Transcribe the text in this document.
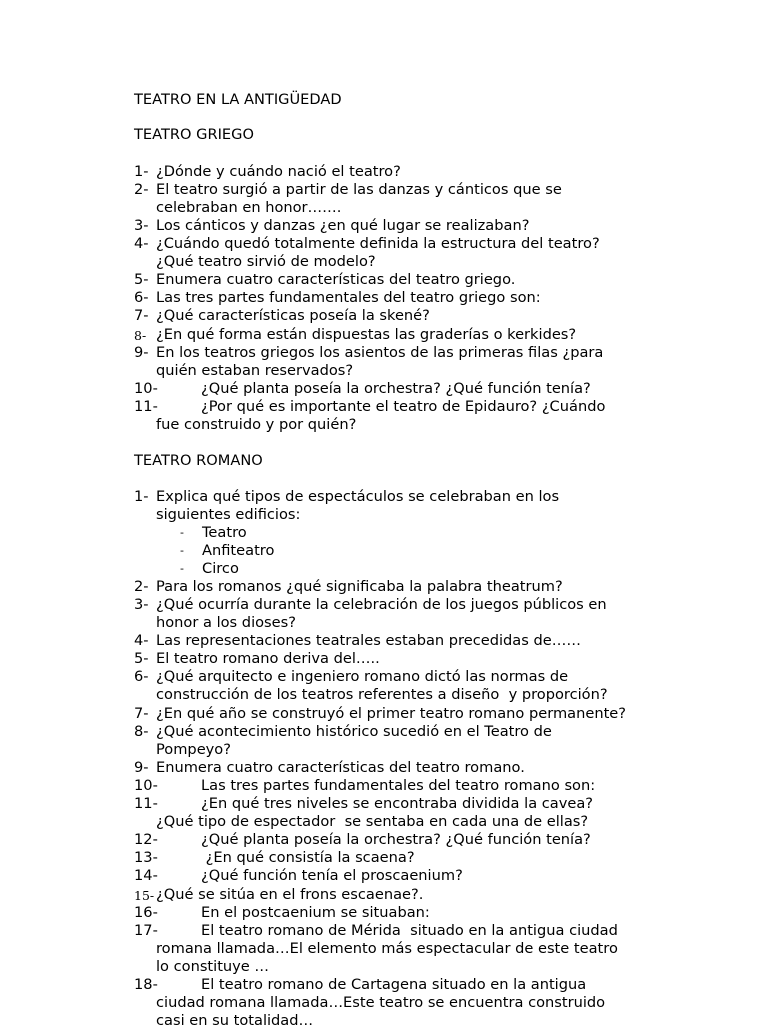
TEATRO EN LA ANTIGÜEDAD
TEATRO GRIEGO
1- ¿Dónde y cuándo nació el teatro?
2- El teatro surgió a partir de las danzas y cánticos que se
celebraban en honor…….
3- Los cánticos y danzas ¿en qué lugar se realizaban?
4- ¿Cuándo quedó totalmente definida la estructura del teatro?
¿Qué teatro sirvió de modelo?
5- Enumera cuatro características del teatro griego.
6- Las tres partes fundamentales del teatro griego son:
7- ¿Qué características poseía la skené?
8- ¿En qué forma están dispuestas las graderías o kerkides?
9- En los teatros griegos los asientos de las primeras filas ¿para
quién estaban reservados?
10-	¿Qué planta poseía la orchestra? ¿Qué función tenía?
11-	¿Por qué es importante el teatro de Epidauro? ¿Cuándo
fue construido y por quién?
TEATRO ROMANO
1- Explica qué tipos de espectáculos se celebraban en los
siguientes edificios:
- Teatro
- Anfiteatro
- Circo
2- Para los romanos ¿qué significaba la palabra theatrum?
3- ¿Qué ocurría durante la celebración de los juegos públicos en
honor a los dioses?
4- Las representaciones teatrales estaban precedidas de……
5- El teatro romano deriva del…..
6- ¿Qué arquitecto e ingeniero romano dictó las normas de
construcción de los teatros referentes a diseño  y proporción?
7- ¿En qué año se construyó el primer teatro romano permanente?
8- ¿Qué acontecimiento histórico sucedió en el Teatro de
Pompeyo?
9- Enumera cuatro características del teatro romano.
10-	Las tres partes fundamentales del teatro romano son:
11-	¿En qué tres niveles se encontraba dividida la cavea?
¿Qué tipo de espectador  se sentaba en cada una de ellas?
12-	¿Qué planta poseía la orchestra? ¿Qué función tenía?
13-	¿En qué consistía la scaena?
14-	¿Qué función tenía el proscaenium?
15- ¿Qué se sitúa en el frons escaenae?.
16-	En el postcaenium se situaban:
17-	El teatro romano de Mérida  situado en la antigua ciudad
romana llamada…El elemento más espectacular de este teatro
lo constituye …
18-	El teatro romano de Cartagena situado en la antigua
ciudad romana llamada…Este teatro se encuentra construido
casi en su totalidad…
